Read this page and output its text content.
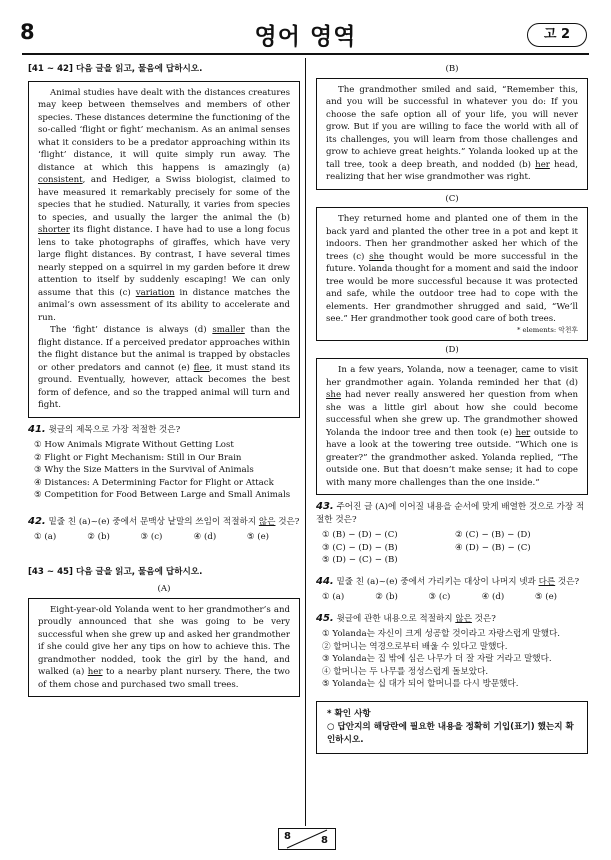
8	영어 영역	고 2
[41 ~ 42] 다음 글을 읽고, 물음에 답하시오.

Animal studies have dealt with the distances creatures may keep between themselves and members of other species. These distances determine the functioning of the so-called ‘flight or fight’ mechanism. As an animal senses what it considers to be a predator approaching within its ‘flight’ distance, it will quite simply run away. The distance at which this happens is amazingly (a) consistent, and Hediger, a Swiss biologist, claimed to have measured it remarkably precisely for some of the species that he studied. Naturally, it varies from species to species, and usually the larger the animal the (b) shorter its flight distance. I have had to use a long focus lens to take photographs of giraffes, which have very large flight distances. By contrast, I have several times nearly stepped on a squirrel in my garden before it drew attention to itself by suddenly escaping! We can only assume that this (c) variation in distance matches the animal’s own assessment of its ability to accelerate and run.

The ‘fight’ distance is always (d) smaller than the flight distance. If a perceived predator approaches within the flight distance but the animal is trapped by obstacles or other predators and cannot (e) flee, it must stand its ground. Eventually, however, attack becomes the best form of defence, and so the trapped animal will turn and fight.

41. 윗글의 제목으로 가장 적절한 것은?
① How Animals Migrate Without Getting Lost
② Flight or Fight Mechanism: Still in Our Brain
③ Why the Size Matters in the Survival of Animals
④ Distances: A Determining Factor for Flight or Attack
⑤ Competition for Food Between Large and Small Animals
42. 밑줄 친 (a)~(e) 중에서 문맥상 낱말의 쓰임이 적절하지 않은 것은?
① (a)	② (b)	③ (c)	④ (d)	⑤ (e)
[43 ~ 45] 다음 글을 읽고, 물음에 답하시오.
(A)

Eight-year-old Yolanda went to her grandmother’s and proudly announced that she was going to be very successful when she grew up and asked her grandmother if she could give her any tips on how to achieve this. The grandmother nodded, took the girl by the hand, and walked (a) her to a nearby plant nursery. There, the two of them chose and purchased two small trees.

(B)

The grandmother smiled and said, “Remember this, and you will be successful in whatever you do: If you choose the safe option all of your life, you will never grow. But if you are willing to face the world with all of its challenges, you will learn from those challenges and grow to achieve great heights.” Yolanda looked up at the tall tree, took a deep breath, and nodded (b) her head, realizing that her wise grandmother was right.

(C)

They returned home and planted one of them in the back yard and planted the other tree in a pot and kept it indoors. Then her grandmother asked her which of the trees (c) she thought would be more successful in the future. Yolanda thought for a moment and said the indoor tree would be more successful because it was protected and safe, while the outdoor tree had to cope with the elements. Her grandmother shrugged and said, “We’ll see.” Her grandmother took good care of both trees.

* elements: 악천후
(D)

In a few years, Yolanda, now a teenager, came to visit her grandmother again. Yolanda reminded her that (d) she had never really answered her question from when she was a little girl about how she could become successful when she grew up. The grandmother showed Yolanda the indoor tree and then took (e) her outside to have a look at the towering tree outside. “Which one is greater?” the grandmother asked. Yolanda replied, “The outside one. But that doesn’t make sense; it had to cope with many more challenges than the one inside.”

43. 주어진 글 (A)에 이어질 내용을 순서에 맞게 배열한 것으로 가장 적절한 것은?
① (B) − (D) − (C)	② (C) − (B) − (D)
③ (C) − (D) − (B)	④ (D) − (B) − (C)
⑤ (D) − (C) − (B)
44. 밑줄 친 (a)~(e) 중에서 가리키는 대상이 나머지 넷과 다른 것은?
① (a)	② (b)	③ (c)	④ (d)	⑤ (e)
45. 윗글에 관한 내용으로 적절하지 않은 것은?
① Yolanda는 자신이 크게 성공할 것이라고 자랑스럽게 말했다.
② 할머니는 역경으로부터 배울 수 있다고 말했다.
③ Yolanda는 집 밖에 심은 나무가 더 잘 자랄 거라고 말했다.
④ 할머니는 두 나무를 정성스럽게 돌보았다.
⑤ Yolanda는 십 대가 되어 할머니를 다시 방문했다.
* 확인 사항
○ 답안지의 해당란에 필요한 내용을 정확히 기입(표기) 했는지 확인하시오.
8	8
